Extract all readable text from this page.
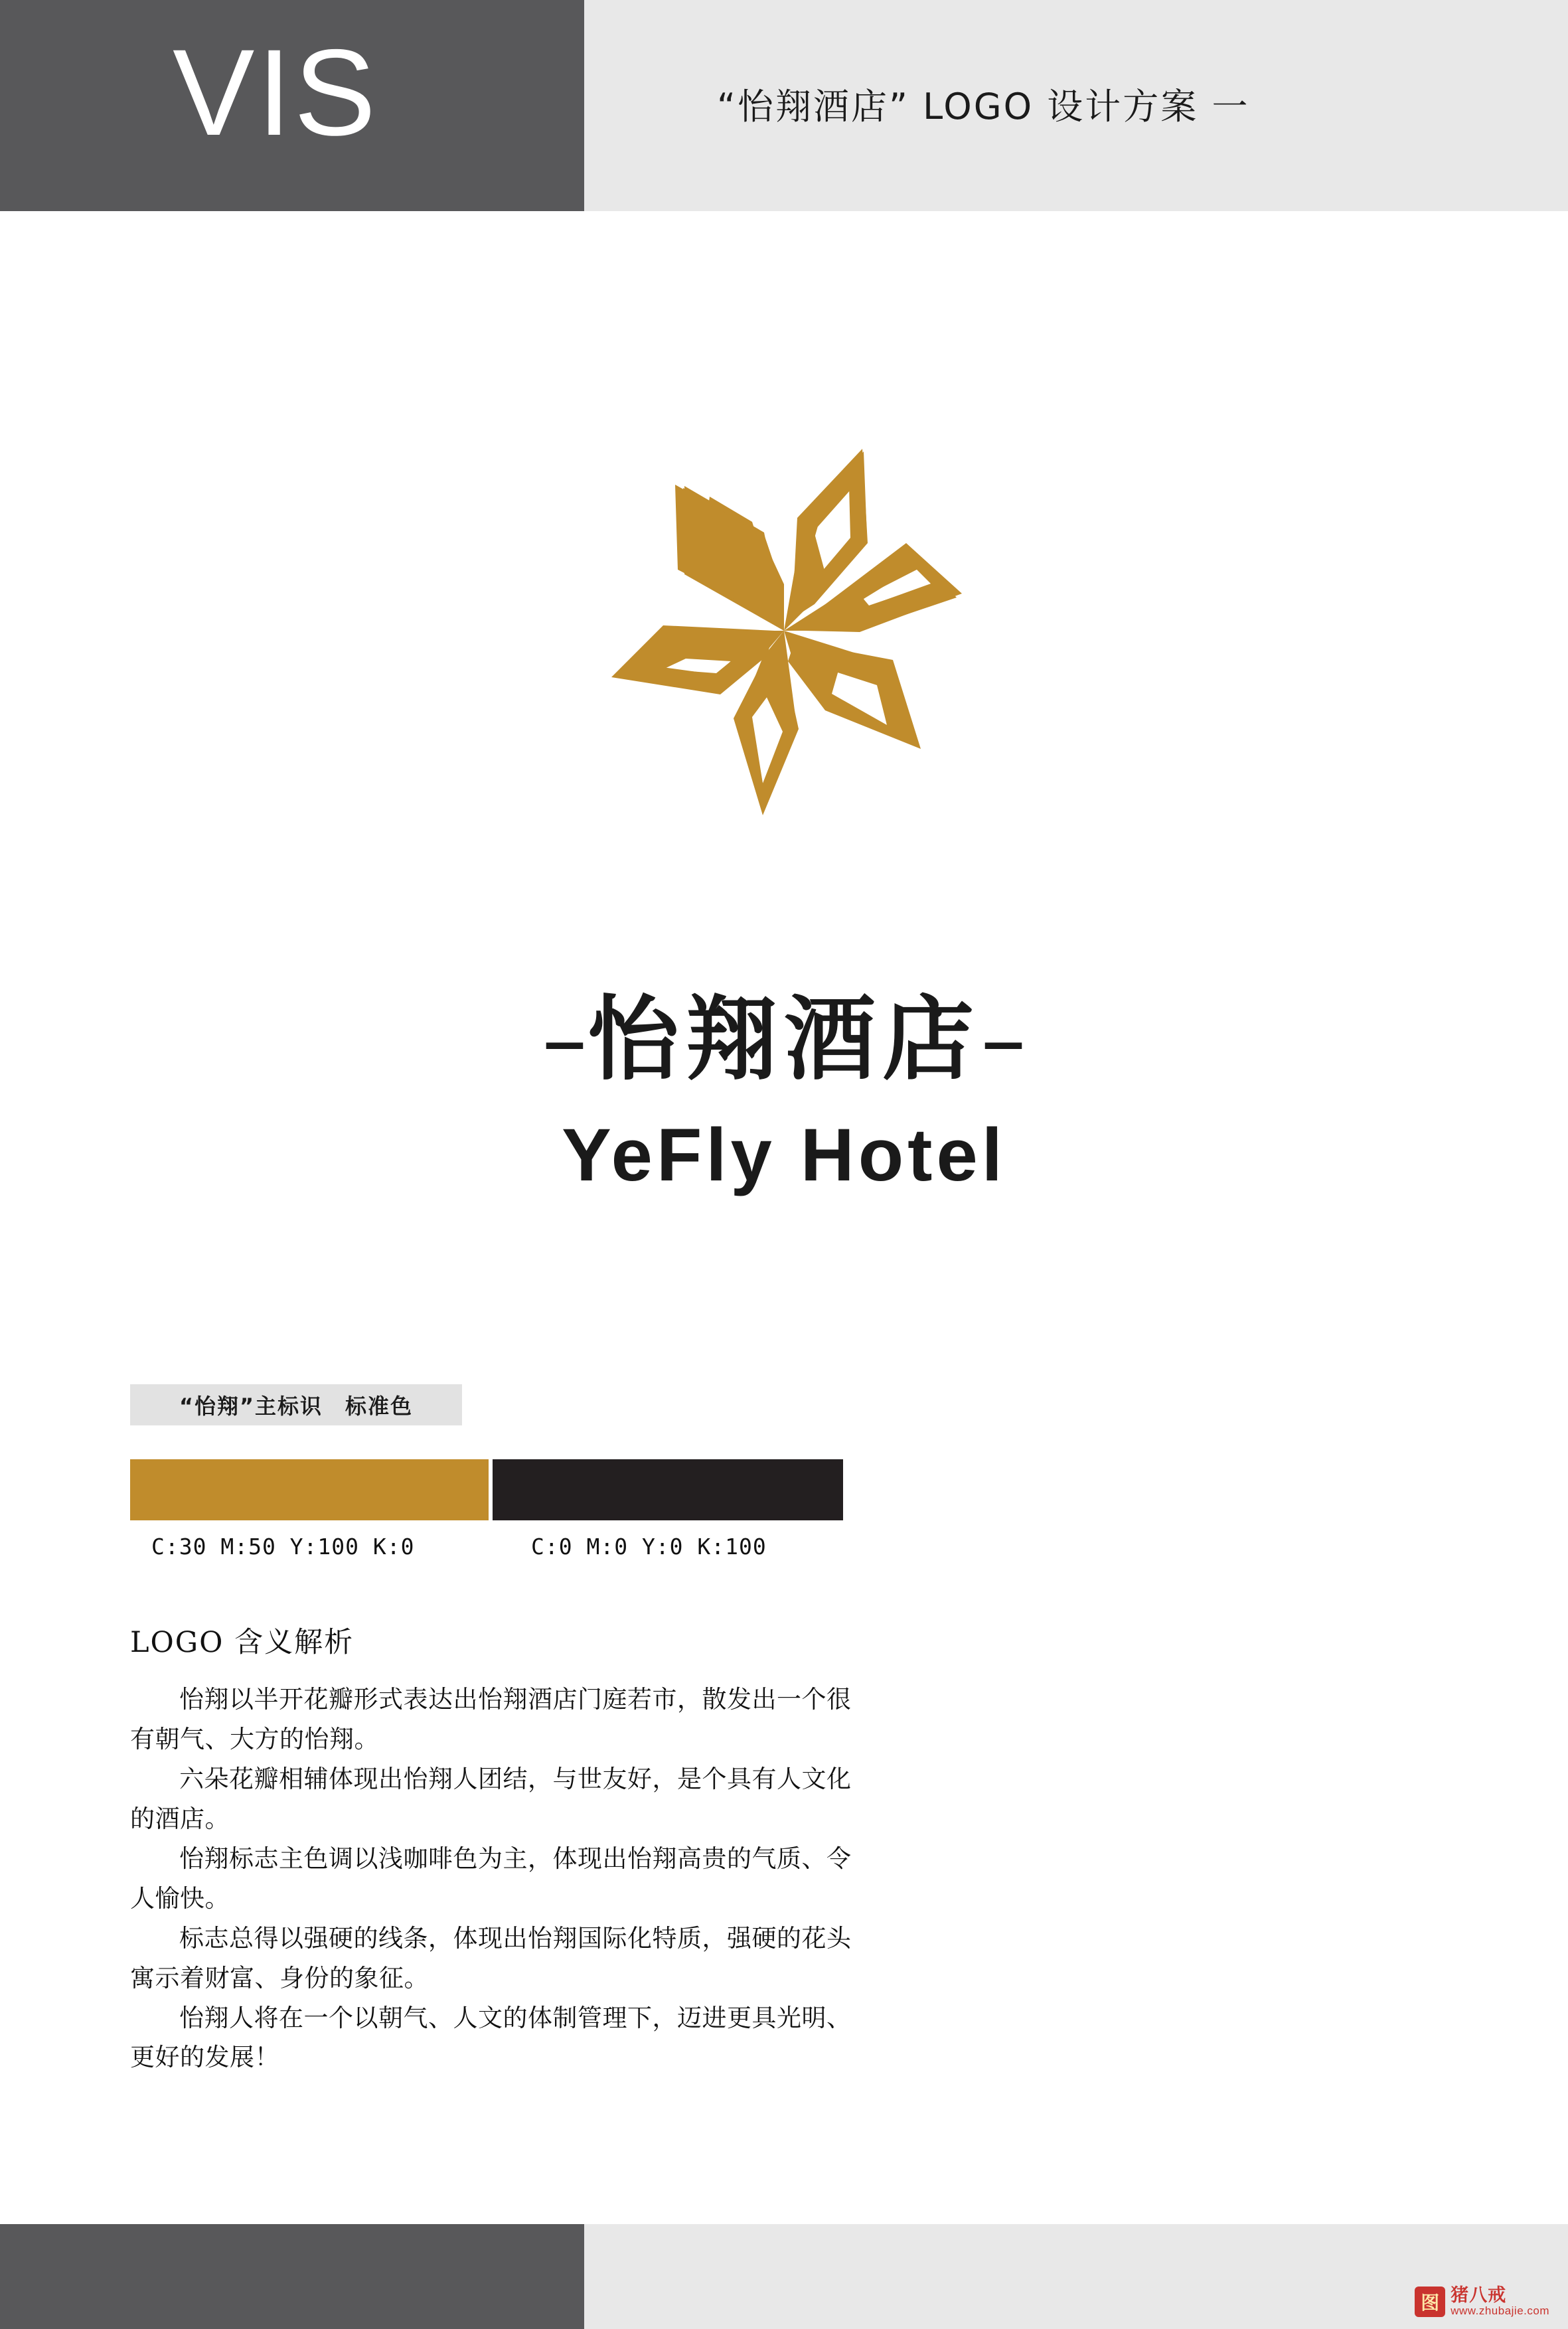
VIS	“怡翔酒店” LOGO 设计方案 一
–怡翔酒店–
YeFly Hotel
“怡翔”主标识　标准色
C:30 M:50 Y:100 K:0	C:0 M:0 Y:0 K:100
LOGO 含义解析

怡翔以半开花瓣形式表达出怡翔酒店门庭若市，散发出一个很有朝气、大方的怡翔。

六朵花瓣相辅体现出怡翔人团结，与世友好，是个具有人文化的酒店。

怡翔标志主色调以浅咖啡色为主，体现出怡翔高贵的气质、令人愉快。

标志总得以强硬的线条，体现出怡翔国际化特质，强硬的花头寓示着财富、身份的象征。

怡翔人将在一个以朝气、人文的体制管理下，迈进更具光明、更好的发展！

图 猪八戒
www.zhubajie.com
